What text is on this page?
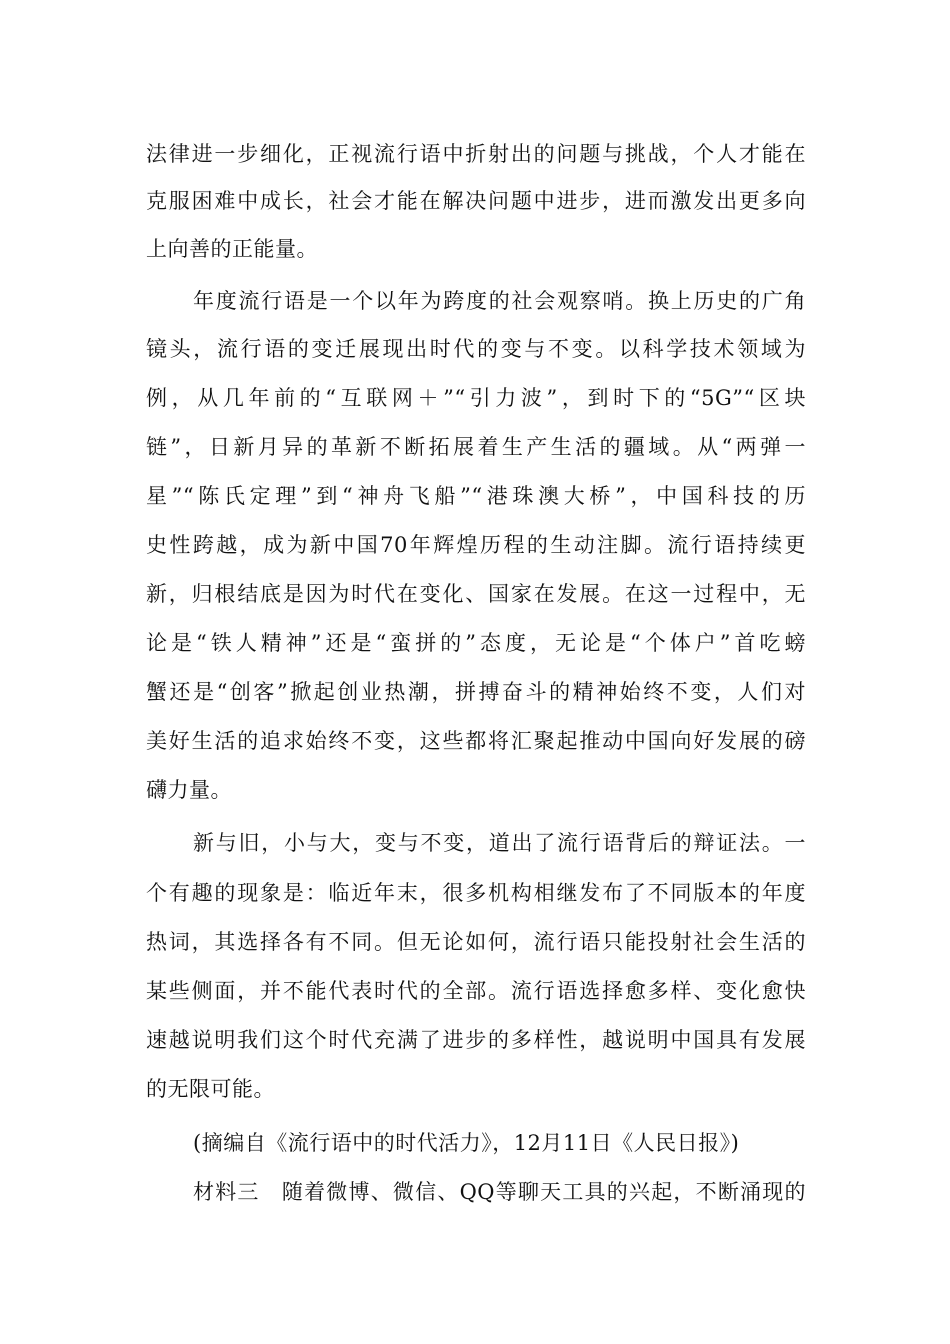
法律进一步细化，正视流行语中折射出的问题与挑战，个人才能在
克服困难中成长，社会才能在解决问题中进步，进而激发出更多向
上向善的正能量。
年度流行语是一个以年为跨度的社会观察哨。换上历史的广角
镜头，流行语的变迁展现出时代的变与不变。以科学技术领域为
例，从几年前的“互联网＋”“引力波”，到时下的“5G”“区块
链”，日新月异的革新不断拓展着生产生活的疆域。从“两弹一
星”“陈氏定理”到“神舟飞船”“港珠澳大桥”，中国科技的历
史性跨越，成为新中国70年辉煌历程的生动注脚。流行语持续更
新，归根结底是因为时代在变化、国家在发展。在这一过程中，无
论是“铁人精神”还是“蛮拼的”态度，无论是“个体户”首吃螃
蟹还是“创客”掀起创业热潮，拼搏奋斗的精神始终不变，人们对
美好生活的追求始终不变，这些都将汇聚起推动中国向好发展的磅
礴力量。
新与旧，小与大，变与不变，道出了流行语背后的辩证法。一
个有趣的现象是：临近年末，很多机构相继发布了不同版本的年度
热词，其选择各有不同。但无论如何，流行语只能投射社会生活的
某些侧面，并不能代表时代的全部。流行语选择愈多样、变化愈快
速越说明我们这个时代充满了进步的多样性，越说明中国具有发展
的无限可能。
(摘编自《流行语中的时代活力》，12月11日《人民日报》)
材料三　随着微博、微信、QQ等聊天工具的兴起，不断涌现的
